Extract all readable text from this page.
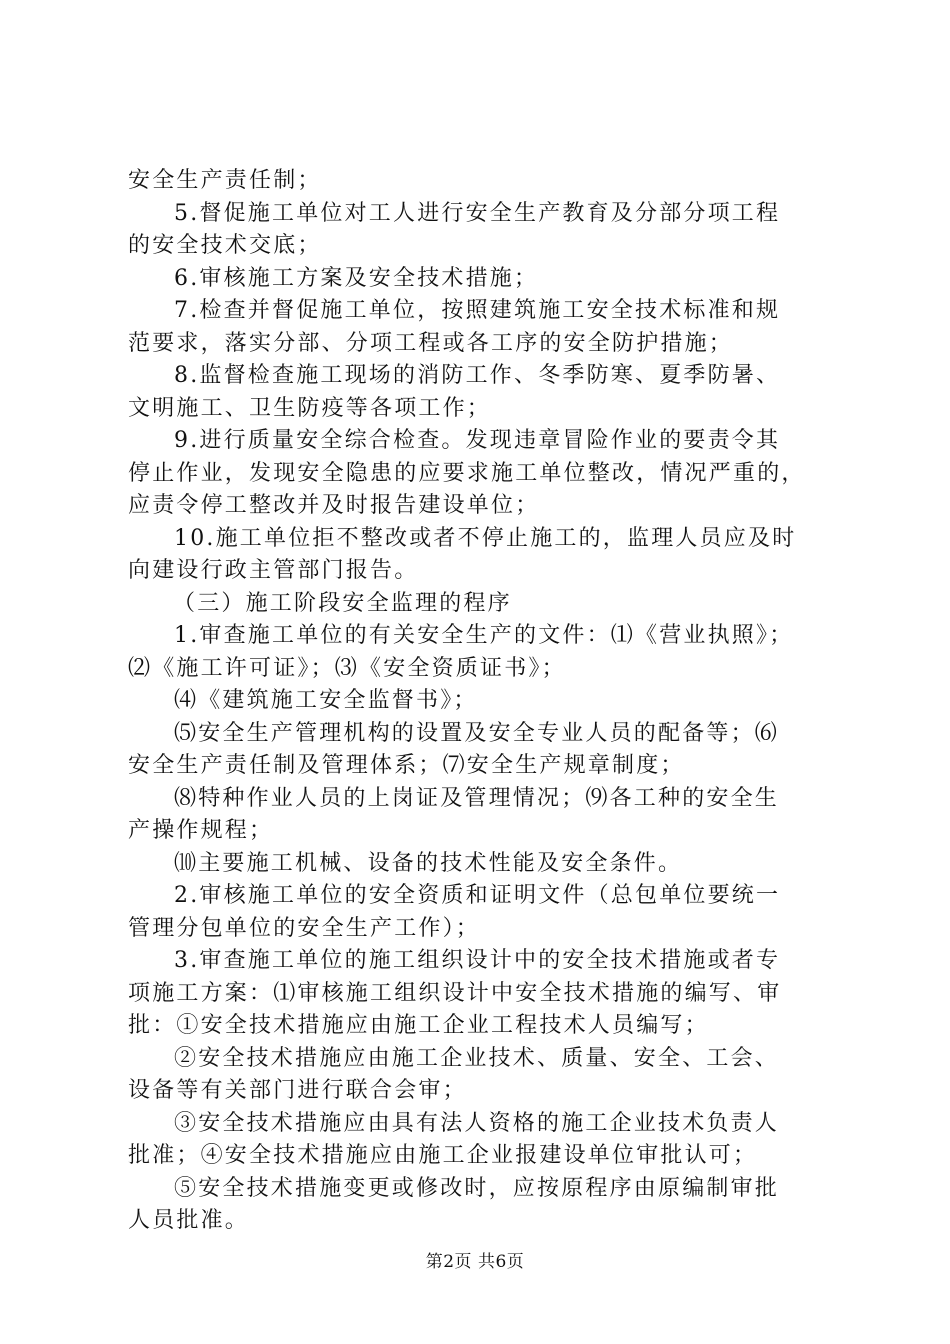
安全生产责任制；
5.督促施工单位对工人进行安全生产教育及分部分项工程
的安全技术交底；
6.审核施工方案及安全技术措施；
7.检查并督促施工单位，按照建筑施工安全技术标准和规
范要求，落实分部、分项工程或各工序的安全防护措施；
8.监督检查施工现场的消防工作、冬季防寒、夏季防暑、
文明施工、卫生防疫等各项工作；
9.进行质量安全综合检查。发现违章冒险作业的要责令其
停止作业，发现安全隐患的应要求施工单位整改，情况严重的，
应责令停工整改并及时报告建设单位；
10.施工单位拒不整改或者不停止施工的，监理人员应及时
向建设行政主管部门报告。
（三）施工阶段安全监理的程序
1.审查施工单位的有关安全生产的文件：⑴《营业执照》；
⑵《施工许可证》；⑶《安全资质证书》；
⑷《建筑施工安全监督书》；
⑸安全生产管理机构的设置及安全专业人员的配备等；⑹
安全生产责任制及管理体系；⑺安全生产规章制度；
⑻特种作业人员的上岗证及管理情况；⑼各工种的安全生
产操作规程；
⑽主要施工机械、设备的技术性能及安全条件。
2.审核施工单位的安全资质和证明文件（总包单位要统一
管理分包单位的安全生产工作）；
3.审查施工单位的施工组织设计中的安全技术措施或者专
项施工方案：⑴审核施工组织设计中安全技术措施的编写、审
批：①安全技术措施应由施工企业工程技术人员编写；
②安全技术措施应由施工企业技术、质量、安全、工会、
设备等有关部门进行联合会审；
③安全技术措施应由具有法人资格的施工企业技术负责人
批准；④安全技术措施应由施工企业报建设单位审批认可；
⑤安全技术措施变更或修改时，应按原程序由原编制审批
人员批准。
第2页 共6页
